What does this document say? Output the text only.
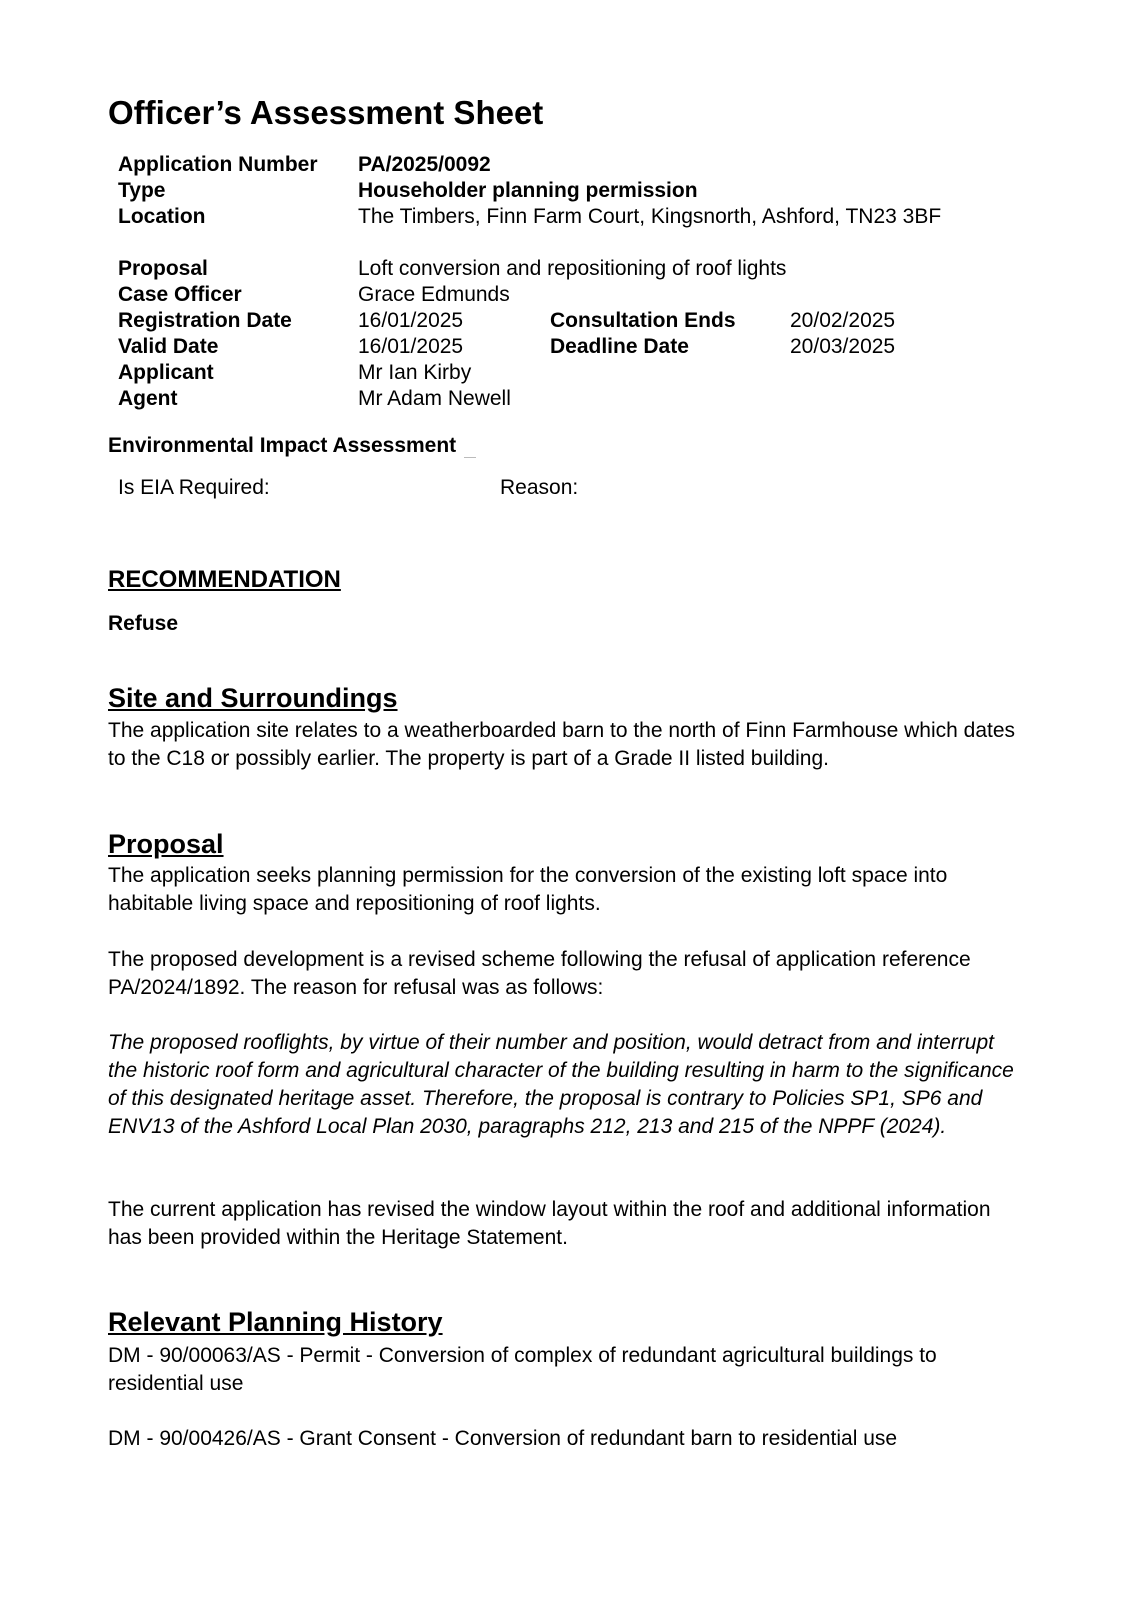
Officer’s Assessment Sheet
Application Number PA/2025/0092
Type	Householder planning permission
Location	The Timbers, Finn Farm Court, Kingsnorth, Ashford, TN23 3BF
Proposal	Loft conversion and repositioning of roof lights
Case Officer	Grace Edmunds
Registration Date	16/01/2025	Consultation Ends	20/02/2025
Valid Date	16/01/2025	Deadline Date	20/03/2025
Applicant	Mr Ian Kirby
Agent	Mr Adam Newell
Environmental Impact Assessment
Is EIA Required:	Reason:
RECOMMENDATION
Refuse
Site and Surroundings

The application site relates to a weatherboarded barn to the north of Finn Farmhouse which dates to the C18 or possibly earlier. The property is part of a Grade II listed building.

Proposal

The application seeks planning permission for the conversion of the existing loft space into habitable living space and repositioning of roof lights.

The proposed development is a revised scheme following the refusal of application reference PA/2024/1892. The reason for refusal was as follows:

The proposed rooflights, by virtue of their number and position, would detract from and interrupt the historic roof form and agricultural character of the building resulting in harm to the significance of this designated heritage asset. Therefore, the proposal is contrary to Policies SP1, SP6 and ENV13 of the Ashford Local Plan 2030, paragraphs 212, 213 and 215 of the NPPF (2024).

The current application has revised the window layout within the roof and additional information has been provided within the Heritage Statement.

Relevant Planning History

DM - 90/00063/AS - Permit - Conversion of complex of redundant agricultural buildings to residential use

DM - 90/00426/AS - Grant Consent - Conversion of redundant barn to residential use
